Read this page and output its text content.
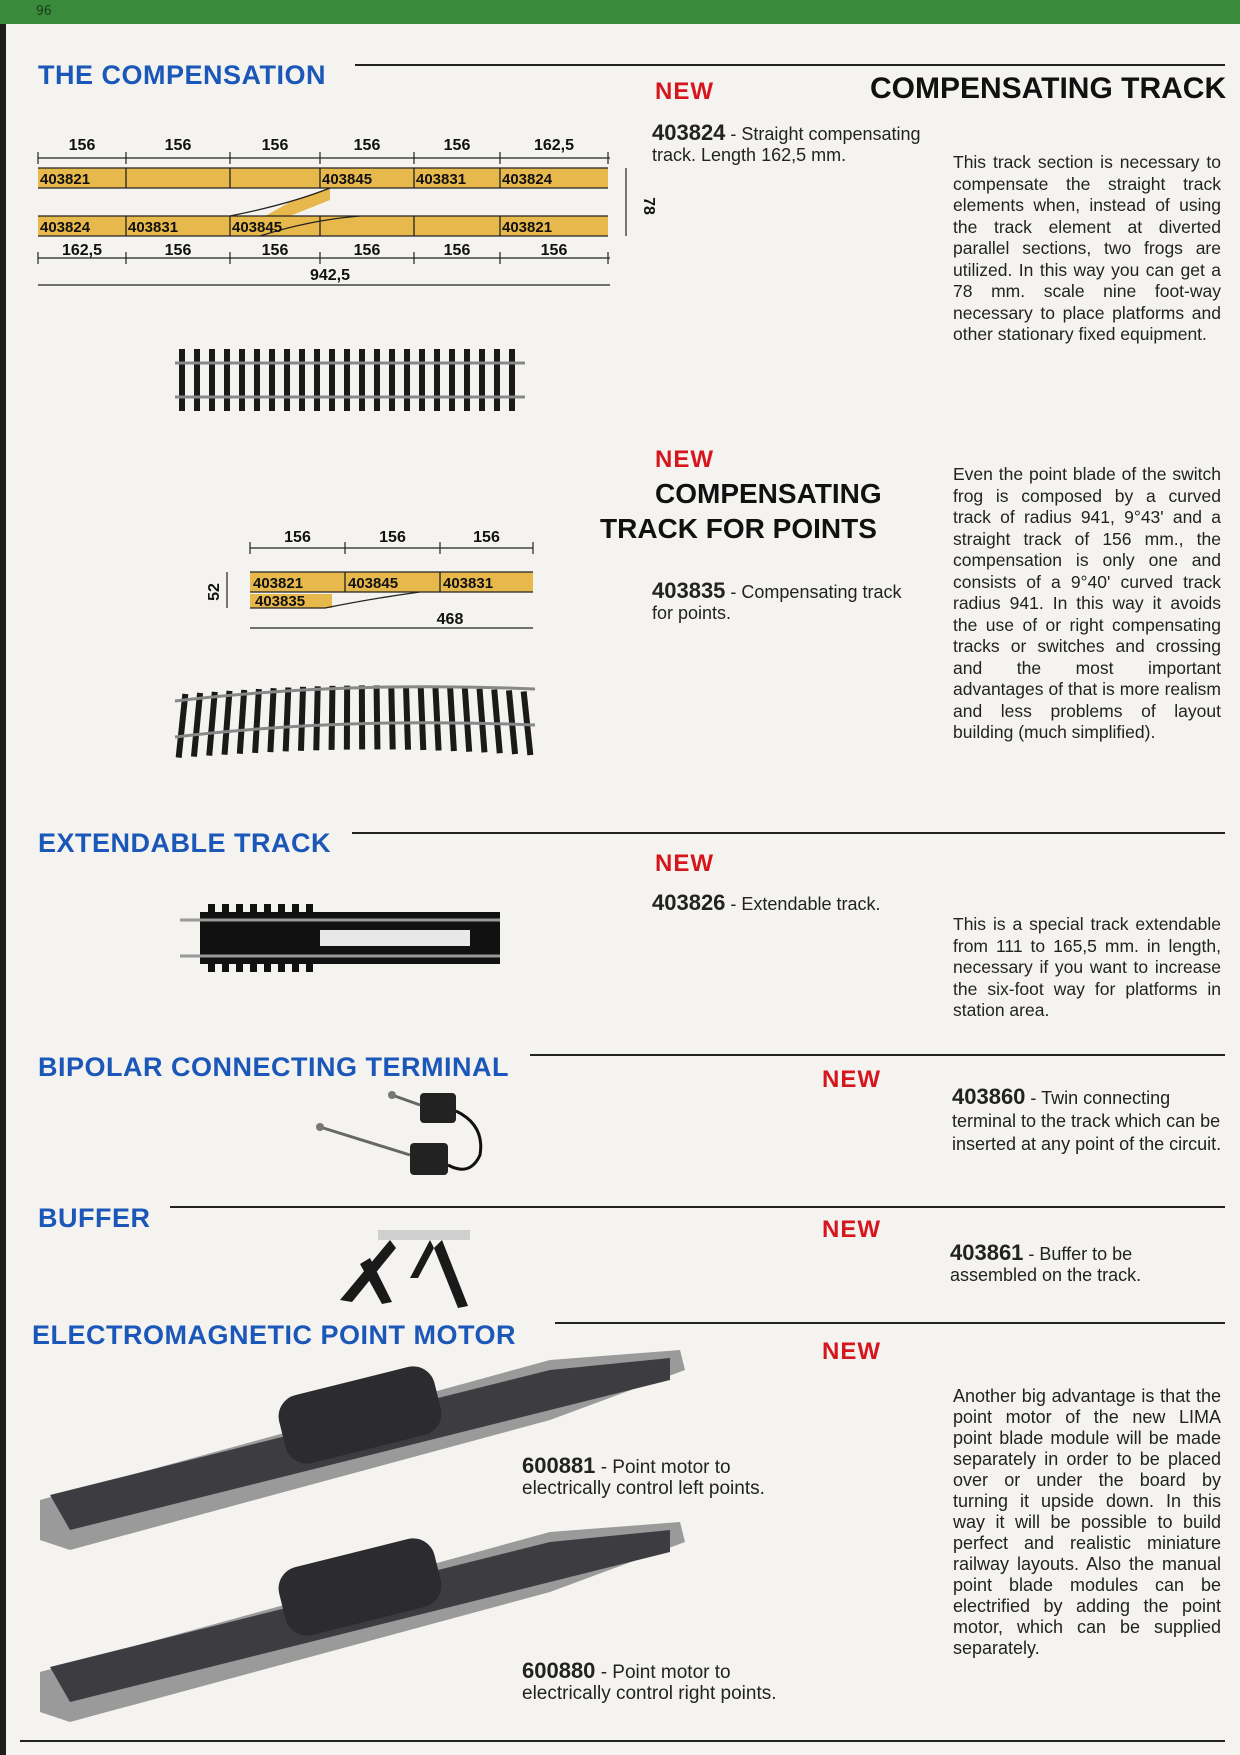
96
THE COMPENSATION
NEW	COMPENSATING TRACK
403824 - Straight compensating track. Length 162,5 mm.	This track section is necessary to compensate the straight track elements when, instead of using the track element at diverted parallel sections, two frogs are utilized. In this way you can get a 78 mm. scale nine foot-way necessary to place platforms and other stationary fixed equipment.
156	156	156	156	156	162,5
403821	403845	403831 403824
403824	403831	403845	403821
78
162,5	156	156	156	156	156
942,5
NEW
COMPENSATING
TRACK FOR POINTS
403835 - Compensating track for points.
Even the point blade of the switch frog is composed by a curved track of radius 941, 9°43' and a straight track of 156 mm., the compensation is only one and consists of a 9°40' curved track radius 941. In this way it avoids the use of or right compensating tracks or switches and crossing and the most important advantages of that is more realism and less problems of layout building (much simplified).
156	156	156
403821	403845	403831
403835
52
468
EXTENDABLE TRACK
NEW
403826 - Extendable track.
This is a special track extendable from 111 to 165,5 mm. in length, necessary if you want to increase the six-foot way for platforms in station area.
BIPOLAR CONNECTING TERMINAL	NEW
403860 - Twin connecting terminal to the track which can be inserted at any point of the circuit.
BUFFER	NEW
403861 - Buffer to be assembled on the track.
ELECTROMAGNETIC POINT MOTOR
NEW
600881 - Point motor to electrically control left points.
600880 - Point motor to electrically control right points.
Another big advantage is that the point motor of the new LIMA point blade module will be made separately in order to be placed over or under the board by turning it upside down. In this way it will be possible to build perfect and realistic miniature railway layouts. Also the manual point blade modules can be electrified by adding the point motor, which can be supplied separately.
